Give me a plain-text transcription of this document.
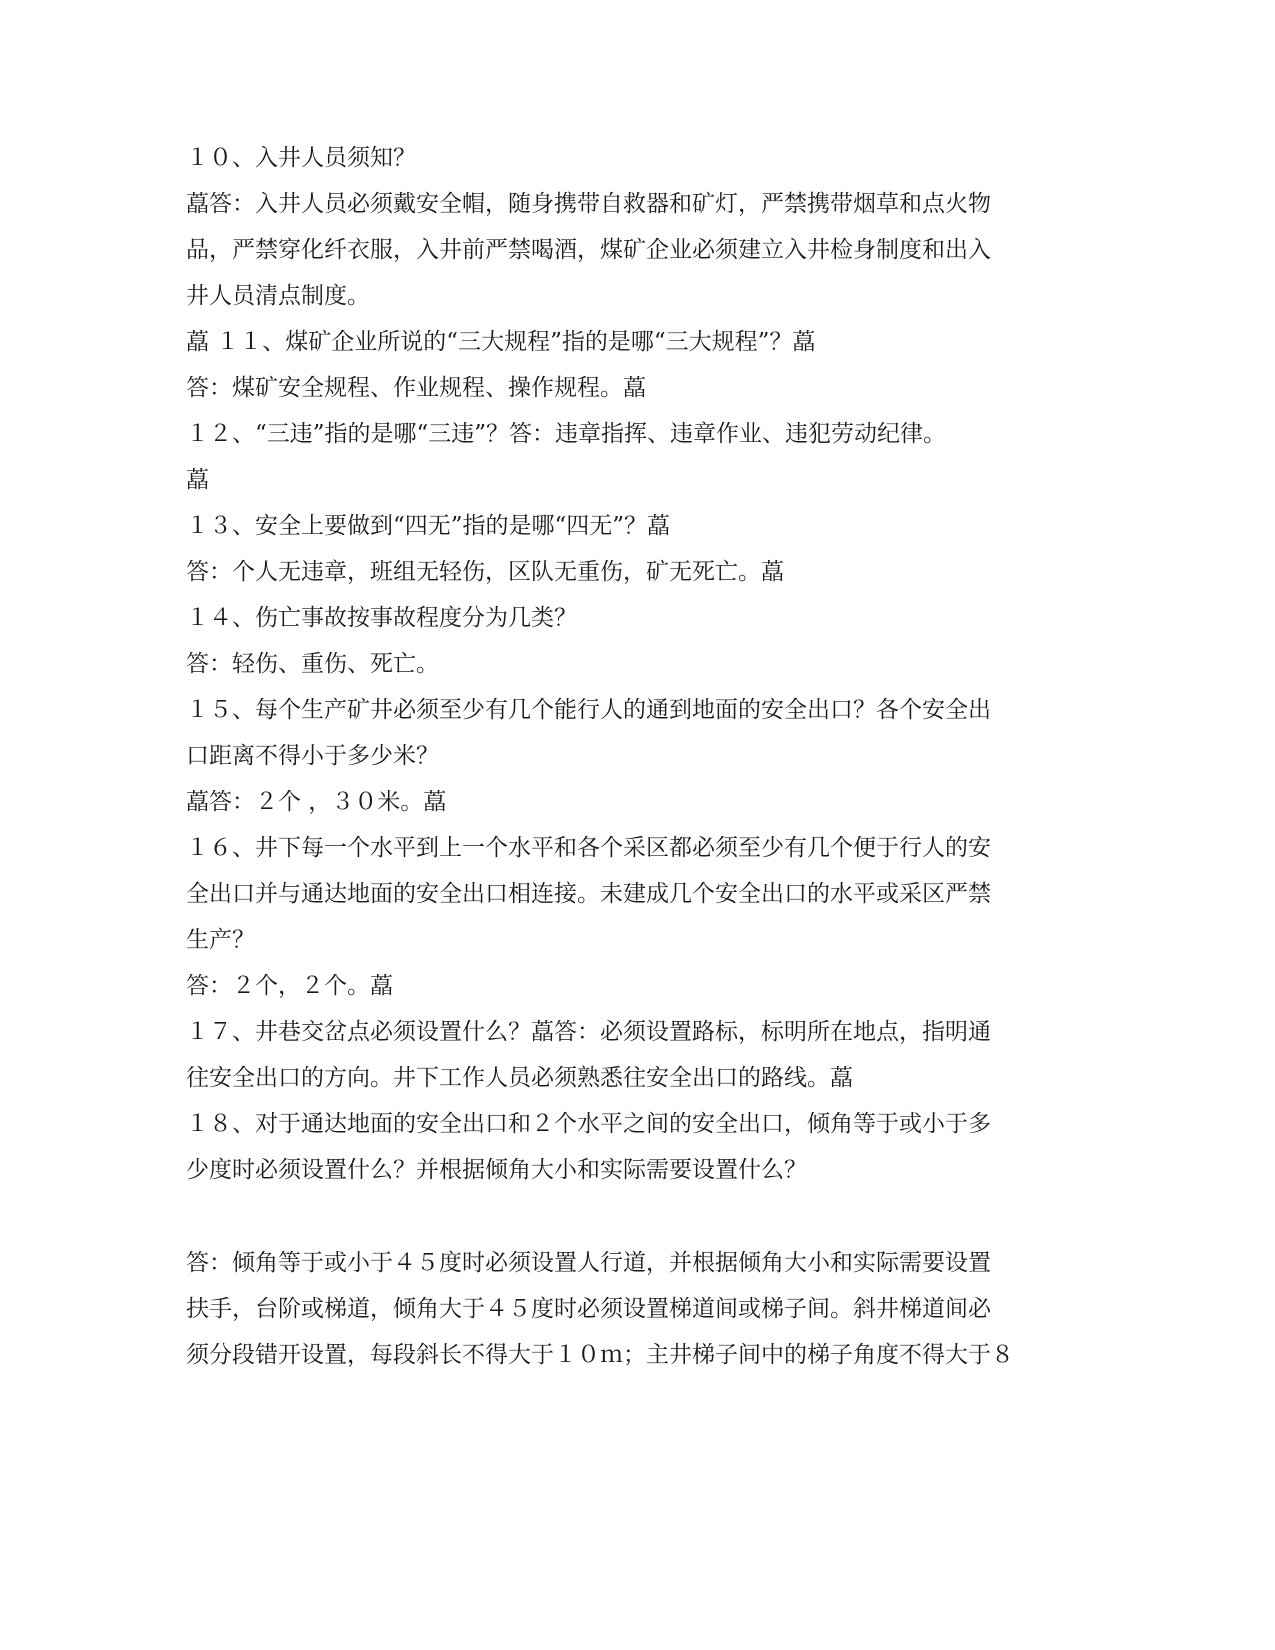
１０、入井人员须知？

藠答：入井人员必须戴安全帽，随身携带自救器和矿灯，严禁携带烟草和点火物

品，严禁穿化纤衣服，入井前严禁喝酒，煤矿企业必须建立入井检身制度和出入

井人员清点制度。

藠 １１、煤矿企业所说的“三大规程”指的是哪“三大规程”？藠

答：煤矿安全规程、作业规程、操作规程。藠

１２、“三违”指的是哪“三违”？答：违章指挥、违章作业、违犯劳动纪律。

藠

１３、安全上要做到“四无”指的是哪“四无”？藠

答：个人无违章，班组无轻伤，区队无重伤，矿无死亡。藠

１４、伤亡事故按事故程度分为几类？

答：轻伤、重伤、死亡。

１５、每个生产矿井必须至少有几个能行人的通到地面的安全出口？各个安全出

口距离不得小于多少米？

藠答：２个 ，３０米。藠

１６、井下每一个水平到上一个水平和各个采区都必须至少有几个便于行人的安

全出口并与通达地面的安全出口相连接。未建成几个安全出口的水平或采区严禁

生产？

答：２个，２个。藠

１７、井巷交岔点必须设置什么？藠答：必须设置路标，标明所在地点，指明通

往安全出口的方向。井下工作人员必须熟悉往安全出口的路线。藠

１８、对于通达地面的安全出口和２个水平之间的安全出口，倾角等于或小于多

少度时必须设置什么？并根据倾角大小和实际需要设置什么？

答：倾角等于或小于４５度时必须设置人行道，并根据倾角大小和实际需要设置

扶手，台阶或梯道，倾角大于４５度时必须设置梯道间或梯子间。斜井梯道间必

须分段错开设置，每段斜长不得大于１０ｍ；主井梯子间中的梯子角度不得大于８
